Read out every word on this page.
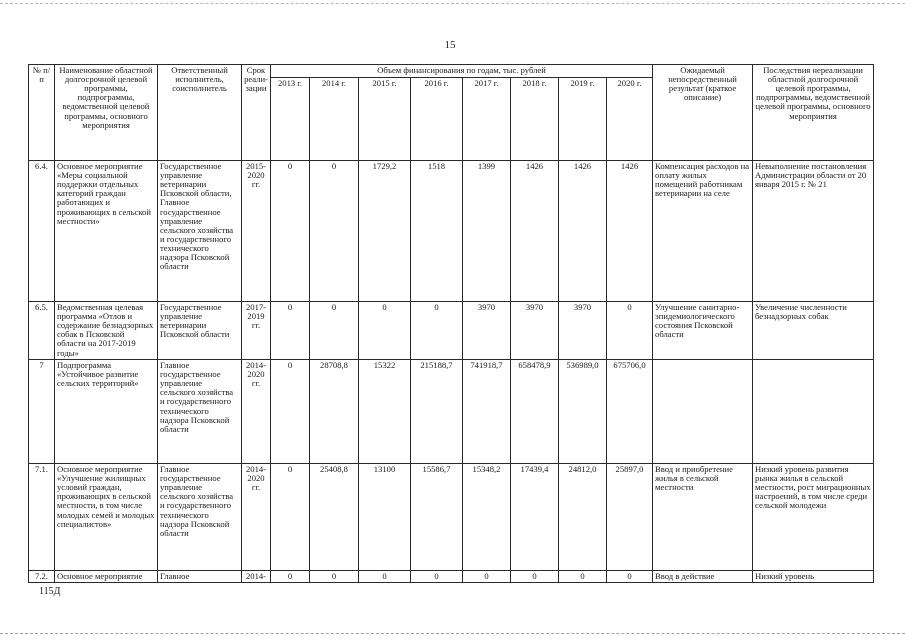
15
№ п/п	Наименование областной долгосрочной целевой программы, подпрограммы, ведомственной целевой программы, основного мероприятия	Ответственный исполнитель, соисполнитель	Срок реали-зации	Объем финансирования по годам, тыс. рублей								Ожидаемый непосредственный результат (краткое описание)	Последствия нереализации областной долгосрочной целевой программы, подпрограммы, ведомственной целевой программы, основного мероприятия
				2013 г.	2014 г.	2015 г.	2016 г.	2017 г.	2018 г.	2019 г.	2020 г.		
6.4.	Основное мероприятие «Меры социальной поддержки отдельных категорий граждан работающих и проживающих в сельской местности»	Государственное управление ветеринарии Псковской области, Главное государственное управление сельского хозяйства и государственного технического надзора Псковской области	2015-2020 гг.	0	0	1729,2	1518	1399	1426	1426	1426	Компенсация расходов на оплату жилых помещений работникам ветеринарии на селе	Невыполнение постановления Администрации области от 20 января 2015 г. № 21
6.5.	Ведомственная целевая программа «Отлов и содержание безнадзорных собак в Псковской области на 2017-2019 годы»	Государственное управление ветеринарии Псковской области	2017-2019 гг.	0	0	0	0	3970	3970	3970	0	Улучшение санитарно-эпидемиологического состояния Псковской области	Увеличение численности безнадзорных собак
7	Подпрограмма «Устойчивое развитие сельских территорий»	Главное государственное управление сельского хозяйства и государственного технического надзора Псковской области	2014-2020 гг.	0	28708,8	15322	215188,7	741918,7	658478,9	536989,0	675706,0		
7.1.	Основное мероприятие «Улучшение жилищных условий граждан, проживающих в сельской местности, в том числе молодых семей и молодых специалистов»	Главное государственное управление сельского хозяйства и государственного технического надзора Псковской области	2014-2020 гг.	0	25408,8	13100	15586,7	15348,2	17439,4	24812,0	25897,0	Ввод и приобретение жилья в сельской местности	Низкий уровень развития рынка жилья в сельской местности, рост миграционных настроений, в том числе среди сельской молодежи
7.2.	Основное мероприятие	Главное	2014-	0	0	0	0	0	0	0	0	Ввод в действие	Низкий уровень
115Д
